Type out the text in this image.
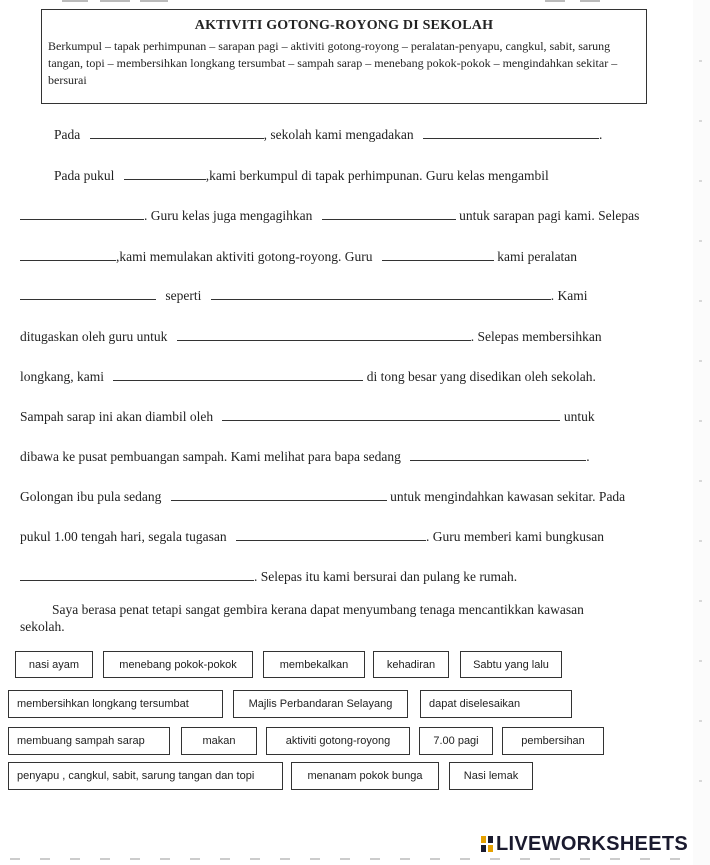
AKTIVITI GOTONG-ROYONG DI SEKOLAH

Berkumpul – tapak perhimpunan – sarapan pagi – aktiviti gotong-royong – peralatan-penyapu, cangkul, sabit, sarung tangan, topi – membersihkan longkang tersumbat – sampah sarap – menebang pokok-pokok – mengindahkan sekitar – bersurai

Pada	, sekolah kami mengadakan	.
Pada pukul	,kami berkumpul di tapak perhimpunan. Guru kelas mengambil
. Guru kelas juga mengagihkan	untuk sarapan pagi kami. Selepas
,kami memulakan aktiviti gotong-royong. Guru	kami peralatan
seperti	. Kami
ditugaskan oleh guru untuk	. Selepas membersihkan
longkang, kami	di tong besar yang disedikan oleh sekolah.
Sampah sarap ini akan diambil oleh	untuk
dibawa ke pusat pembuangan sampah. Kami melihat para bapa sedang	.
Golongan ibu pula sedang	untuk mengindahkan kawasan sekitar. Pada
pukul 1.00 tengah hari, segala tugasan	. Guru memberi kami bungkusan
. Selepas itu kami bersurai dan pulang ke rumah.
Saya berasa penat tetapi sangat gembira kerana dapat menyumbang tenaga mencantikkan kawasan
sekolah.
nasi ayam	menebang pokok-pokok	membekalkan	kehadiran	Sabtu yang lalu
membersihkan longkang tersumbat	Majlis Perbandaran Selayang	dapat diselesaikan
membuang sampah sarap	makan	aktiviti gotong-royong	7.00 pagi	pembersihan
penyapu , cangkul, sabit, sarung tangan dan topi	menanam pokok bunga	Nasi lemak
LIVEWORKSHEETS
